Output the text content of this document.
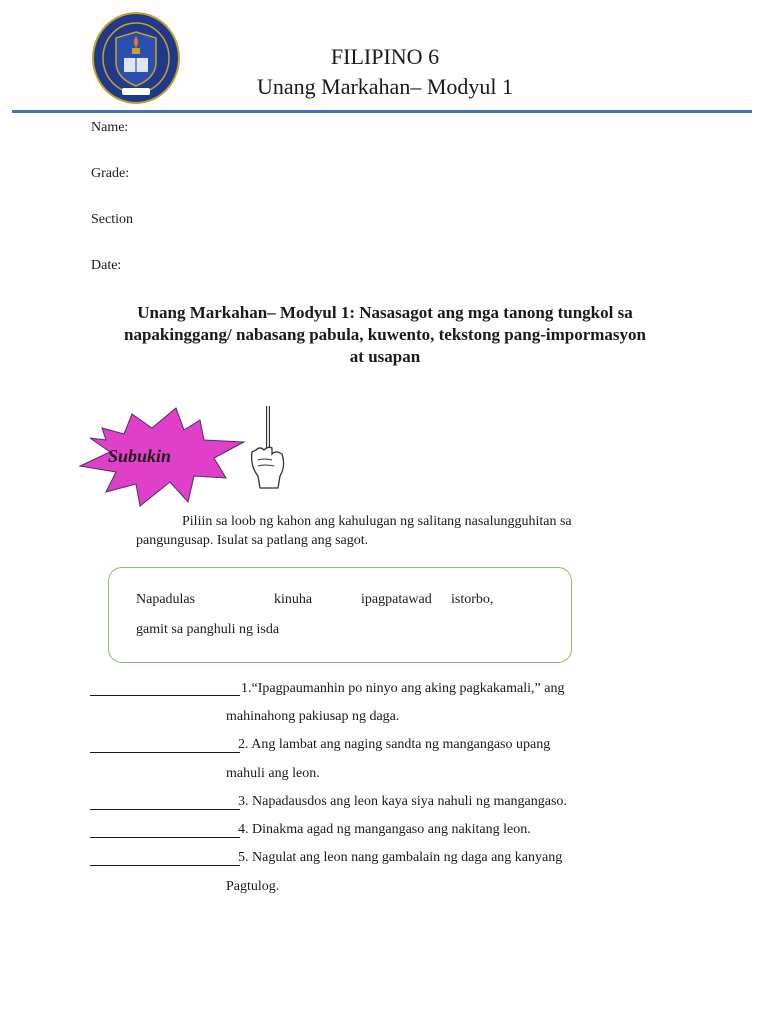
FILIPINO 6
Unang Markahan– Modyul 1
Name:
Grade:
Section
Date:
Unang Markahan– Modyul 1: Nasasagot ang mga tanong tungkol sa
napakinggang/ nabasang pabula, kuwento, tekstong pang-impormasyon
at usapan
Subukin
Piliin sa loob ng kahon ang kahulugan ng salitang nasalungguhitan sa
pangungusap. Isulat sa patlang ang sagot.
Napadulas	kinuha	ipagpatawad istorbo,
gamit sa panghuli ng isda
1.“Ipagpaumanhin po ninyo ang aking pagkakamali,” ang
mahinahong pakiusap ng daga.
2. Ang lambat ang naging sandta ng mangangaso upang
mahuli ang leon.
3. Napadausdos ang leon kaya siya nahuli ng mangangaso.
4. Dinakma agad ng mangangaso ang nakitang leon.
5. Nagulat ang leon nang gambalain ng daga ang kanyang
Pagtulog.
